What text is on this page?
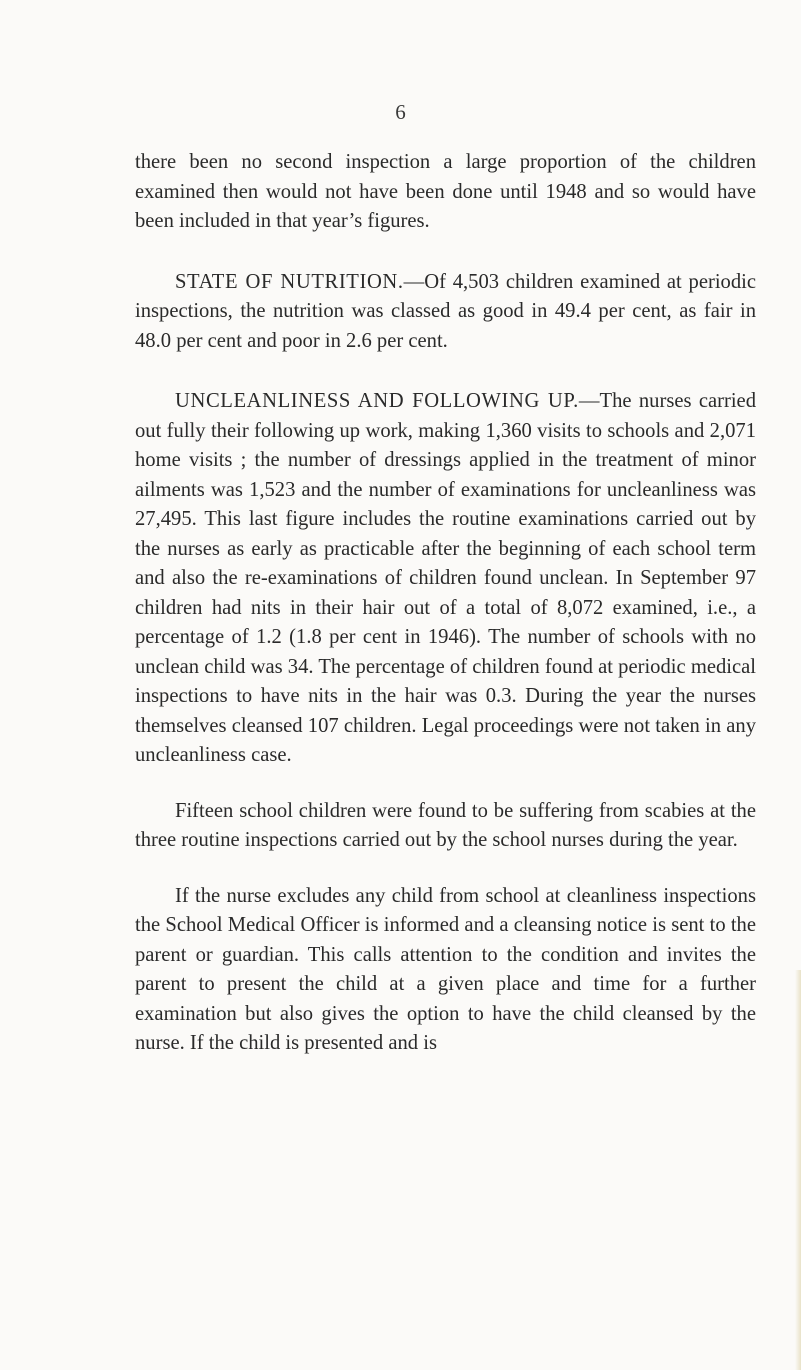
6

there been no second inspection a large proportion of the children examined then would not have been done until 1948 and so would have been included in that year’s figures.

STATE OF NUTRITION.—Of 4,503 children examined at periodic inspections, the nutrition was classed as good in 49.4 per cent, as fair in 48.0 per cent and poor in 2.6 per cent.

UNCLEANLINESS AND FOLLOWING UP.—The nurses carried out fully their following up work, making 1,360 visits to schools and 2,071 home visits ; the number of dressings applied in the treatment of minor ailments was 1,523 and the number of examinations for uncleanliness was 27,495. This last figure includes the routine examinations carried out by the nurses as early as practicable after the beginning of each school term and also the re-examinations of children found unclean. In September 97 children had nits in their hair out of a total of 8,072 examined, i.e., a percentage of 1.2 (1.8 per cent in 1946). The number of schools with no unclean child was 34. The percentage of children found at periodic medical inspections to have nits in the hair was 0.3. During the year the nurses themselves cleansed 107 children. Legal proceedings were not taken in any uncleanliness case.

Fifteen school children were found to be suffering from scabies at the three routine inspections carried out by the school nurses during the year.

If the nurse excludes any child from school at cleanliness inspections the School Medical Officer is informed and a cleansing notice is sent to the parent or guardian. This calls attention to the condition and invites the parent to present the child at a given place and time for a further examination but also gives the option to have the child cleansed by the nurse. If the child is presented and is
